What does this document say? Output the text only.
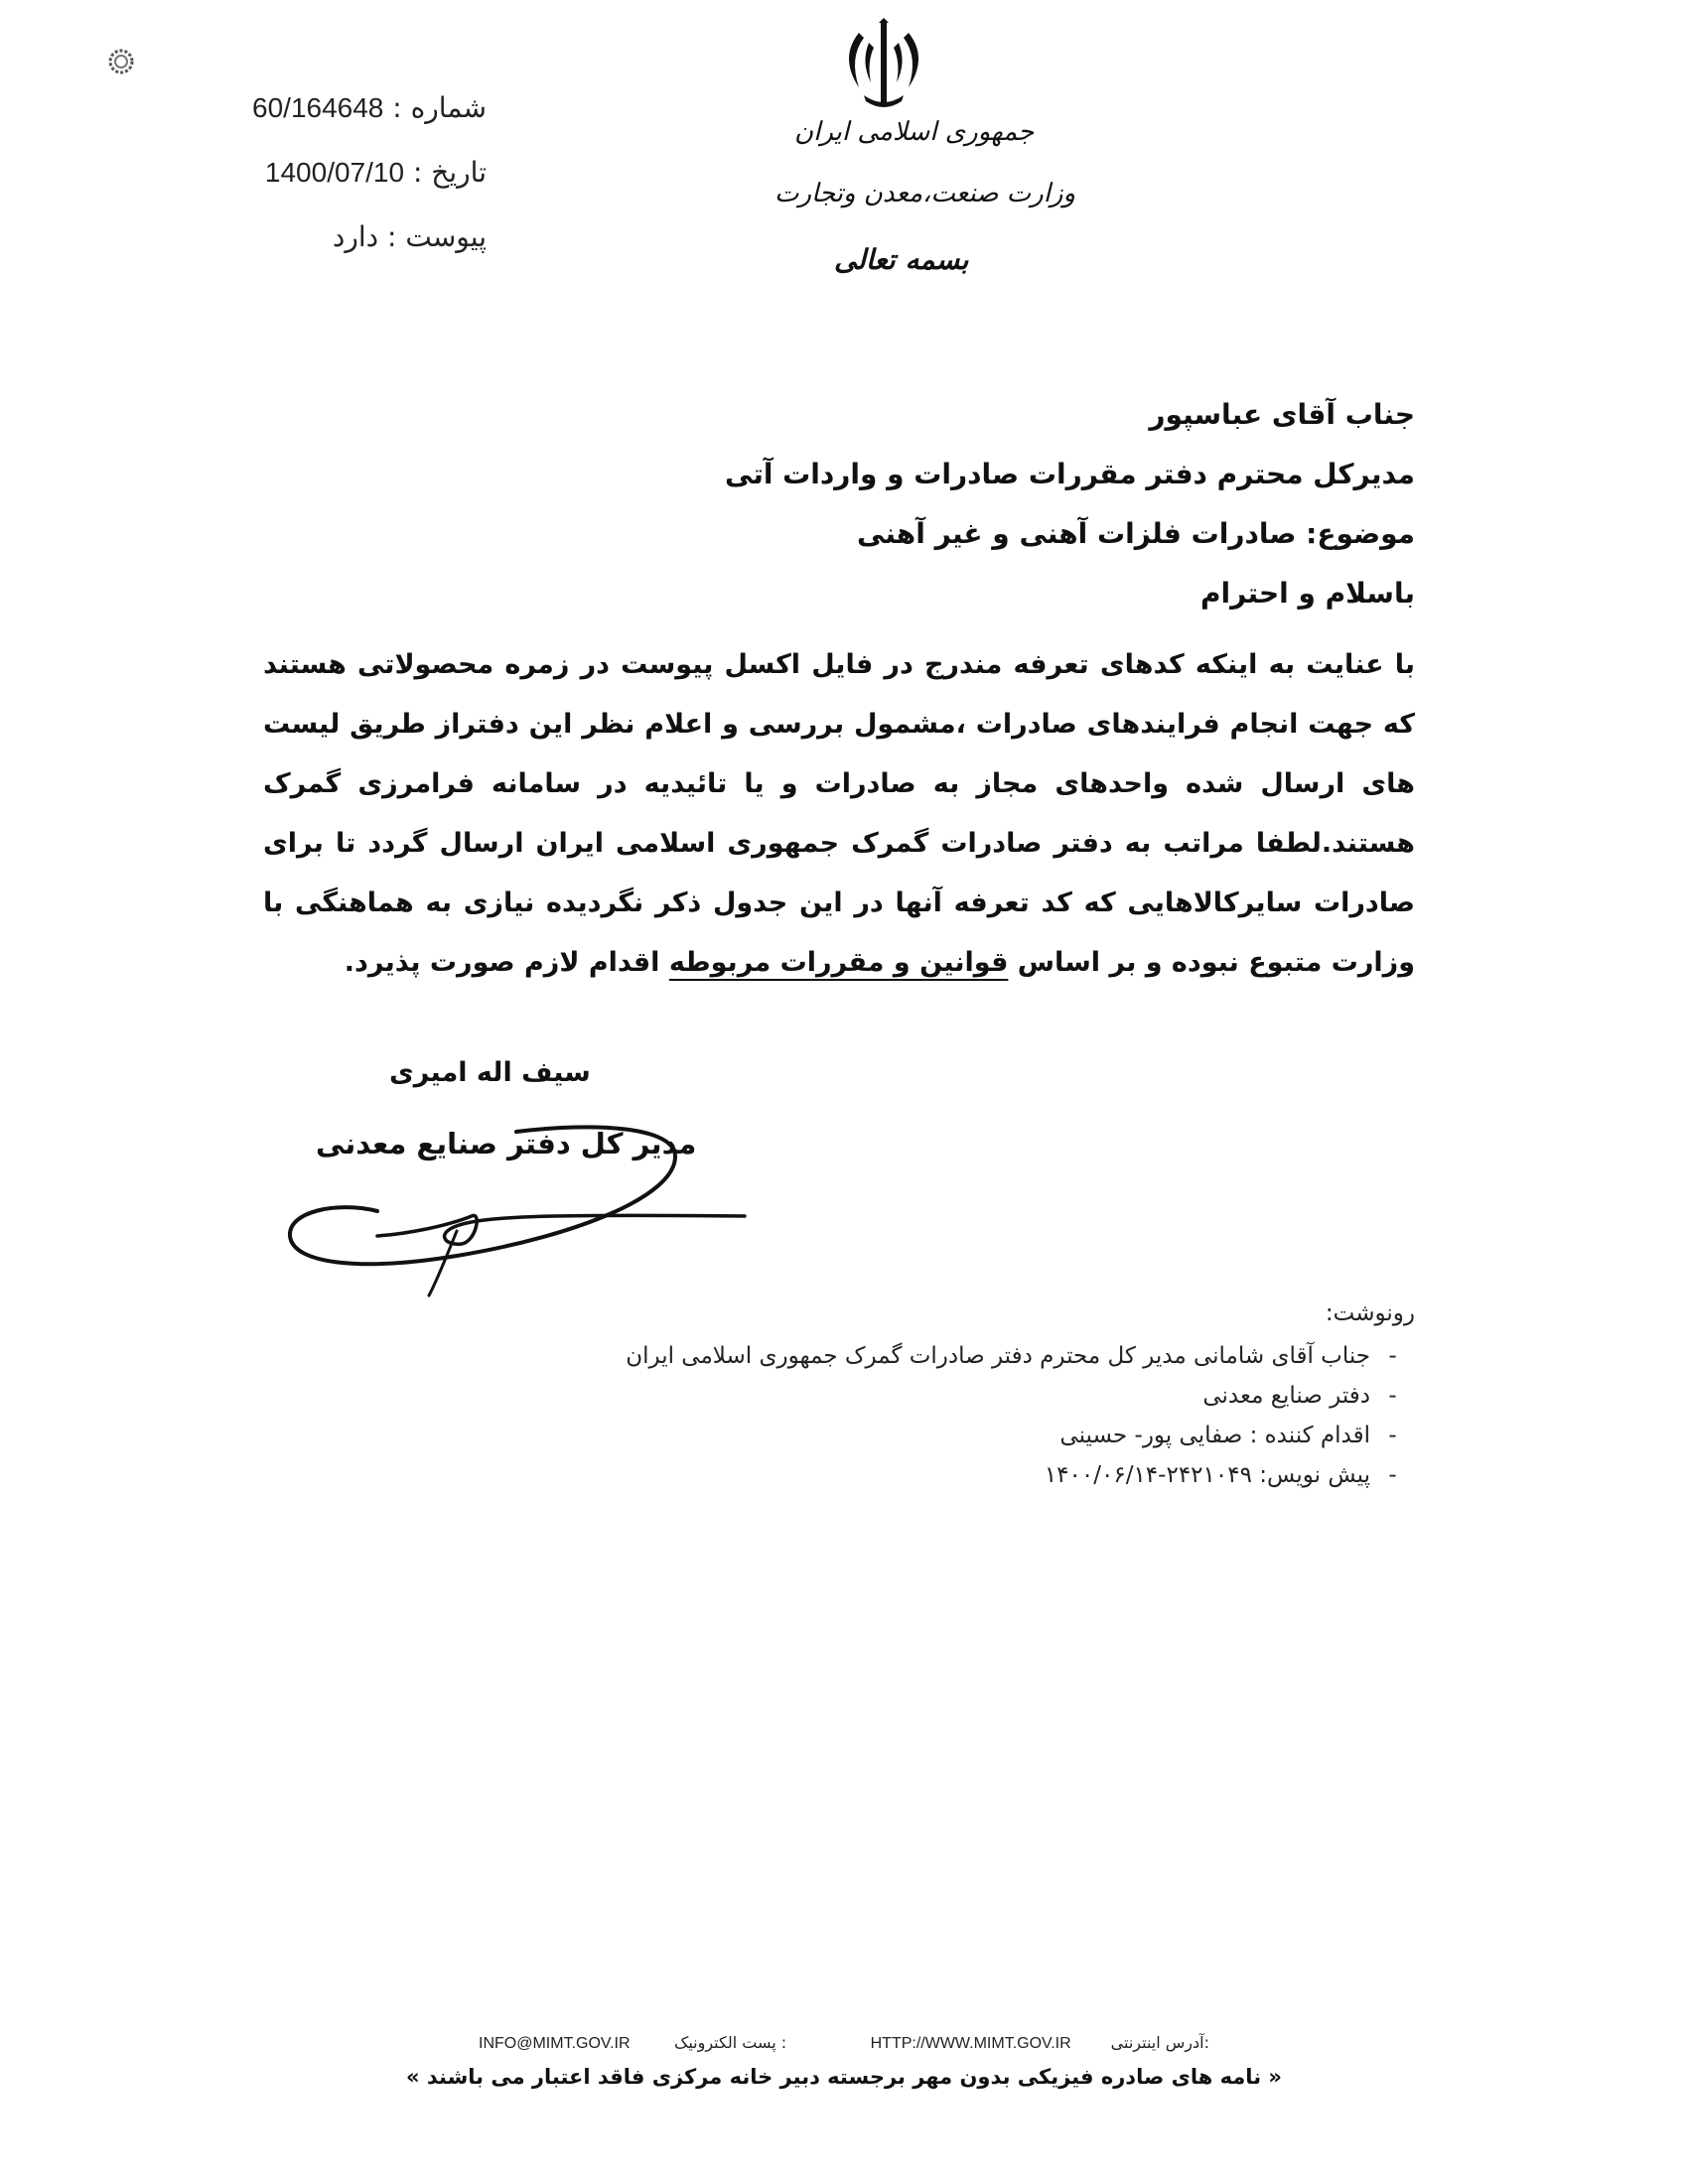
جمهوری اسلامی ایران
وزارت صنعت،معدن وتجارت
بسمه تعالی
شماره : 60/164648
تاریخ : 1400/07/10
پیوست : دارد

جناب آقای عباسپور

مدیرکل محترم دفتر مقررات صادرات و واردات آتی

موضوع: صادرات فلزات آهنی و غیر آهنی

باسلام و احترام

با عنایت به اینکه کدهای تعرفه مندرج در فایل اکسل پیوست در زمره محصولاتی هستند که جهت انجام فرایندهای صادرات ،مشمول بررسی و اعلام نظر این دفتراز طریق لیست های ارسال شده واحدهای مجاز به صادرات و یا تائیدیه در سامانه فرامرزی گمرک هستند.لطفا مراتب به دفتر صادرات گمرک جمهوری اسلامی ایران ارسال گردد تا برای صادرات سایرکالاهایی که کد تعرفه آنها در این جدول ذکر نگردیده نیازی به هماهنگی با وزارت متبوع نبوده و بر اساس قوانین و مقررات مربوطه اقدام لازم صورت پذیرد.

سیف اله امیری
مدیر کل دفتر صنایع معدنی

رونوشت:

-جناب آقای شامانی مدیر کل محترم دفتر صادرات گمرک جمهوری اسلامی ایران
-دفتر صنایع معدنی
-اقدام کننده : صفایی پور- حسینی
-پیش نویس: ۲۴۲۱۰۴۹-۱۴۰۰/۰۶/۱۴
INFO@MIMT.GOV.IR	پست الکترونیک :	HTTP://WWW.MIMT.GOV.IR	آدرس اینترنتی:
« نامه های صادره فیزیکی بدون مهر برجسته دبیر خانه مرکزی فاقد اعتبار می باشند »
